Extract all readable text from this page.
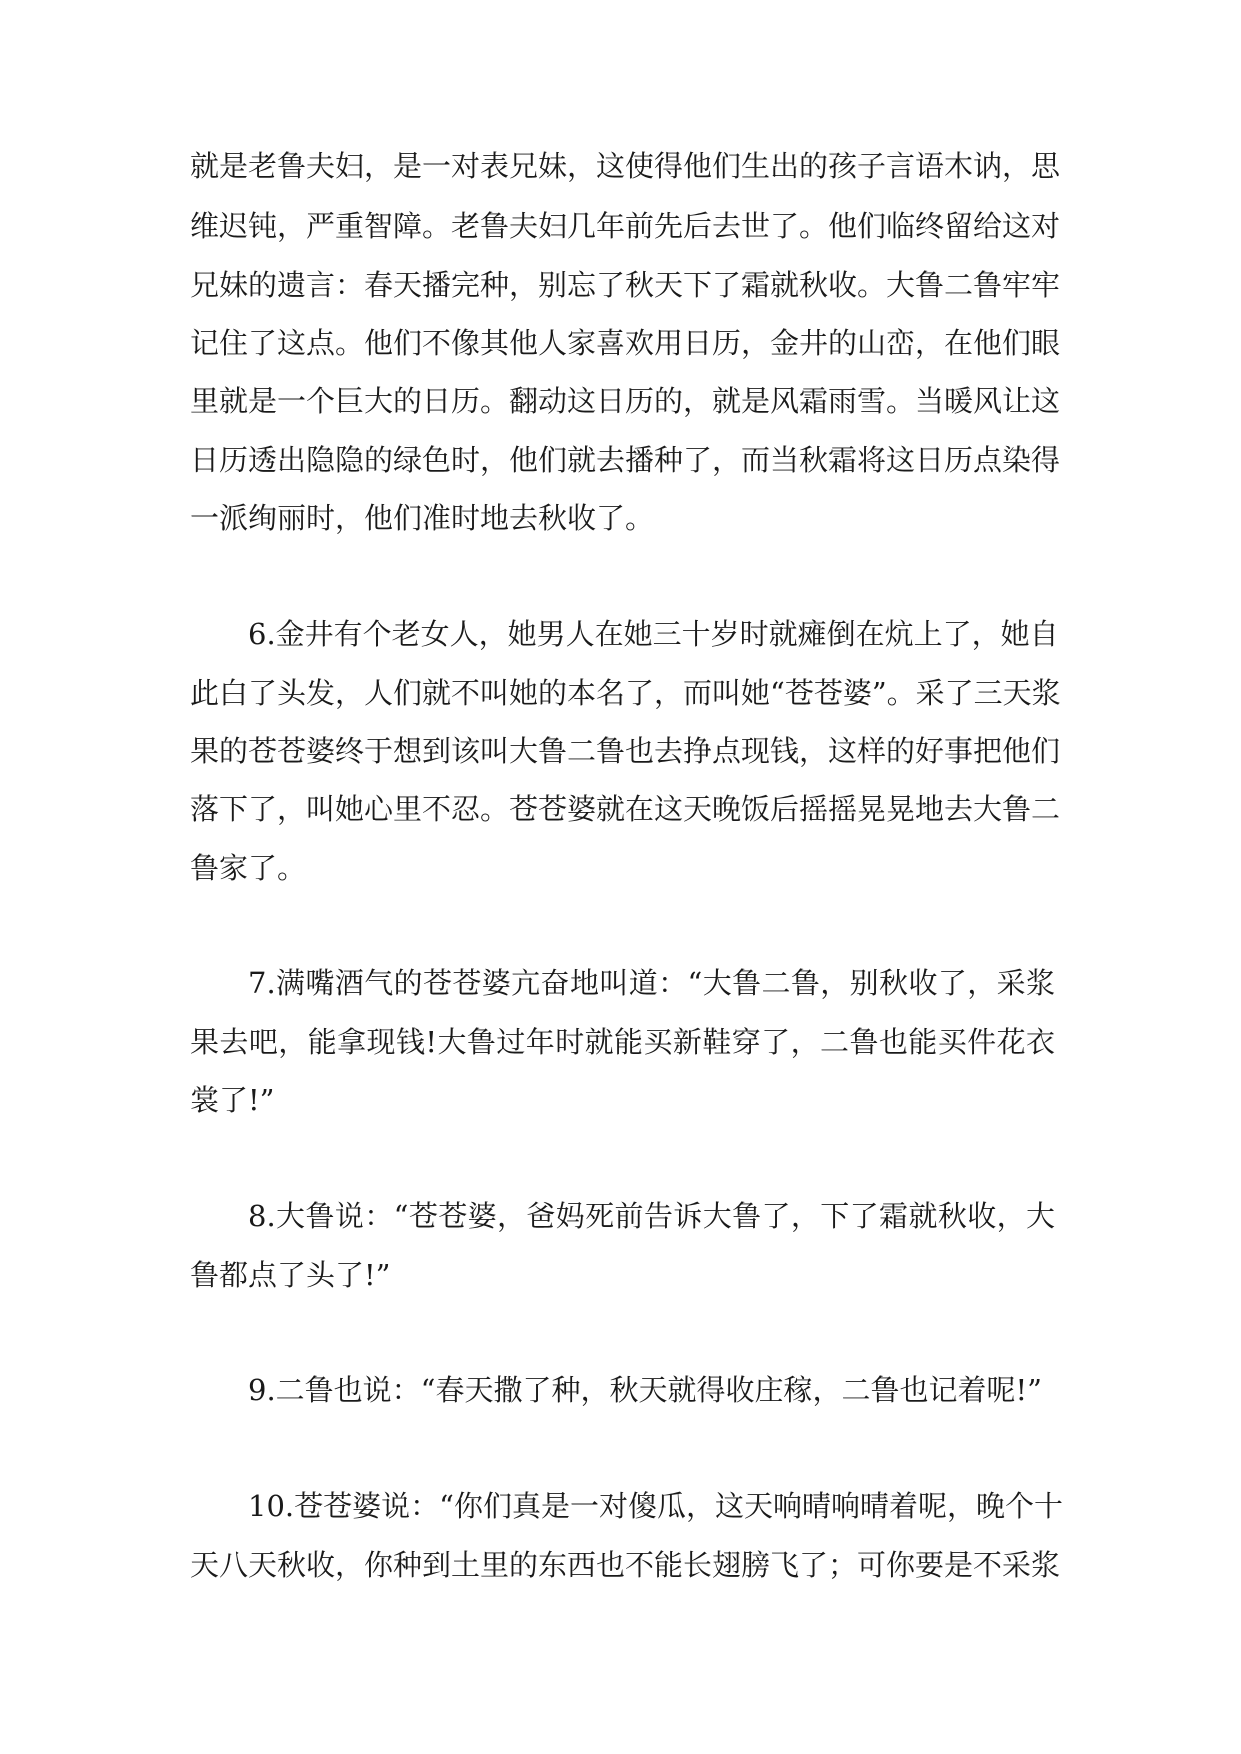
就是老鲁夫妇，是一对表兄妹，这使得他们生出的孩子言语木讷，思
维迟钝，严重智障。老鲁夫妇几年前先后去世了。他们临终留给这对
兄妹的遗言：春天播完种，别忘了秋天下了霜就秋收。大鲁二鲁牢牢
记住了这点。他们不像其他人家喜欢用日历，金井的山峦，在他们眼
里就是一个巨大的日历。翻动这日历的，就是风霜雨雪。当暖风让这
日历透出隐隐的绿色时，他们就去播种了，而当秋霜将这日历点染得
一派绚丽时，他们准时地去秋收了。
6.金井有个老女人，她男人在她三十岁时就瘫倒在炕上了，她自
此白了头发，人们就不叫她的本名了，而叫她“苍苍婆”。采了三天浆
果的苍苍婆终于想到该叫大鲁二鲁也去挣点现钱，这样的好事把他们
落下了，叫她心里不忍。苍苍婆就在这天晚饭后摇摇晃晃地去大鲁二
鲁家了。
7.满嘴酒气的苍苍婆亢奋地叫道：“大鲁二鲁，别秋收了，采浆
果去吧，能拿现钱!大鲁过年时就能买新鞋穿了，二鲁也能买件花衣
裳了!”
8.大鲁说：“苍苍婆，爸妈死前告诉大鲁了，下了霜就秋收，大
鲁都点了头了!”
9.二鲁也说：“春天撒了种，秋天就得收庄稼，二鲁也记着呢!”
10.苍苍婆说：“你们真是一对傻瓜，这天响晴响晴着呢，晚个十
天八天秋收，你种到土里的东西也不能长翅膀飞了；可你要是不采浆
